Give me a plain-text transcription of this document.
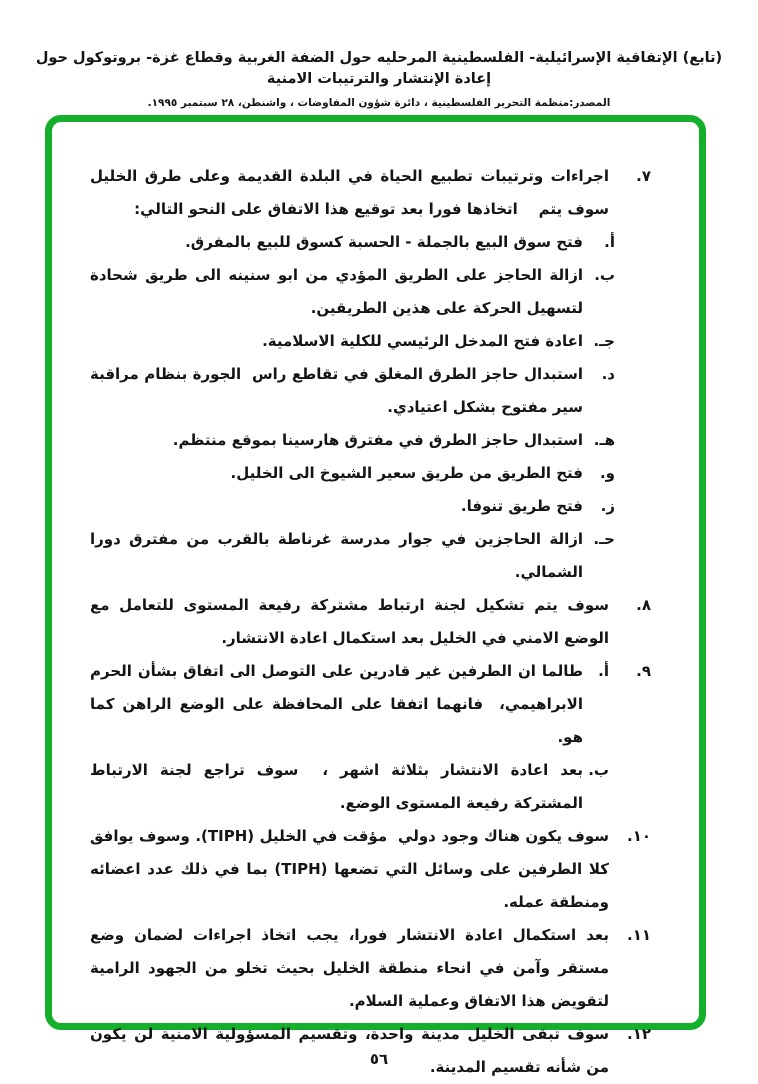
(تابع) الإتفاقية الإسرائيلية- الفلسطينية المرحليه حول الضفة الغربية وقطاع غزة- بروتوكول حول إعادة الإنتشار والترتيبات الامنية
المصدر:منظمة التحرير الفلسطينية ، دائرة شؤون المفاوضات ، واشنطن، ٢٨ سبتمبر ١٩٩٥.
٧.
اجراءات وترتيبات تطبيع الحياة في البلدة القديمة وعلى طرق الخليل سوف يتم    اتخاذها فورا بعد توقيع هذا الاتفاق على النحو التالي:
أ.
فتح سوق البيع بالجملة - الحسبة كسوق للبيع بالمفرق.
ب.
ازالة الحاجز على الطريق المؤدي من ابو سنينه الى طريق شحادة لتسهيل الحركة على هذين الطريقين.
جـ.
اعادة فتح المدخل الرئيسي للكلية الاسلامية.
د.
استبدال حاجز الطرق المغلق في تقاطع راس  الجورة بنظام مراقبة سير مفتوح بشكل اعتيادي.
هـ.
استبدال حاجز الطرق في مفترق هارسينا بموقع منتظم.
و.
فتح الطريق من طريق سعير الشيوخ الى الخليل.
ز.
فتح طريق تنوفا.
حـ.
ازالة الحاجزين في جوار مدرسة غرناطة بالقرب من مفترق دورا الشمالي.
٨.
سوف يتم تشكيل لجنة ارتباط مشتركة رفيعة المستوى للتعامل مع الوضع الامني في الخليل بعد استكمال اعادة الانتشار.
٩.
أ.
طالما ان الطرفين غير قادرين على التوصل الى اتفاق بشأن الحرم الابراهيمي،  فانهما اتفقا على المحافظة على الوضع الراهن كما هو.
ب.
بعد اعادة الانتشار بثلاثة اشهر ،  سوف تراجع لجنة الارتباط المشتركة رفيعة المستوى الوضع.
١٠.
سوف يكون هناك وجود دولي  مؤقت في الخليل (TIPH). وسوف يوافق كلا الطرفين على وسائل التي تضعها (TIPH) بما في ذلك عدد اعضائه ومنطقة عمله.
١١.
بعد استكمال اعادة الانتشار فورا، يجب اتخاذ اجراءات لضمان وضع مستقر وآمن في انحاء منطقة الخليل بحيث تخلو من الجهود الرامية لتقويض هذا الاتفاق وعملية السلام.
١٢.
سوف تبقى الخليل مدينة واحدة، وتقسيم المسؤولية الامنية لن يكون من شأنه تقسيم المدينة.
٥٦
